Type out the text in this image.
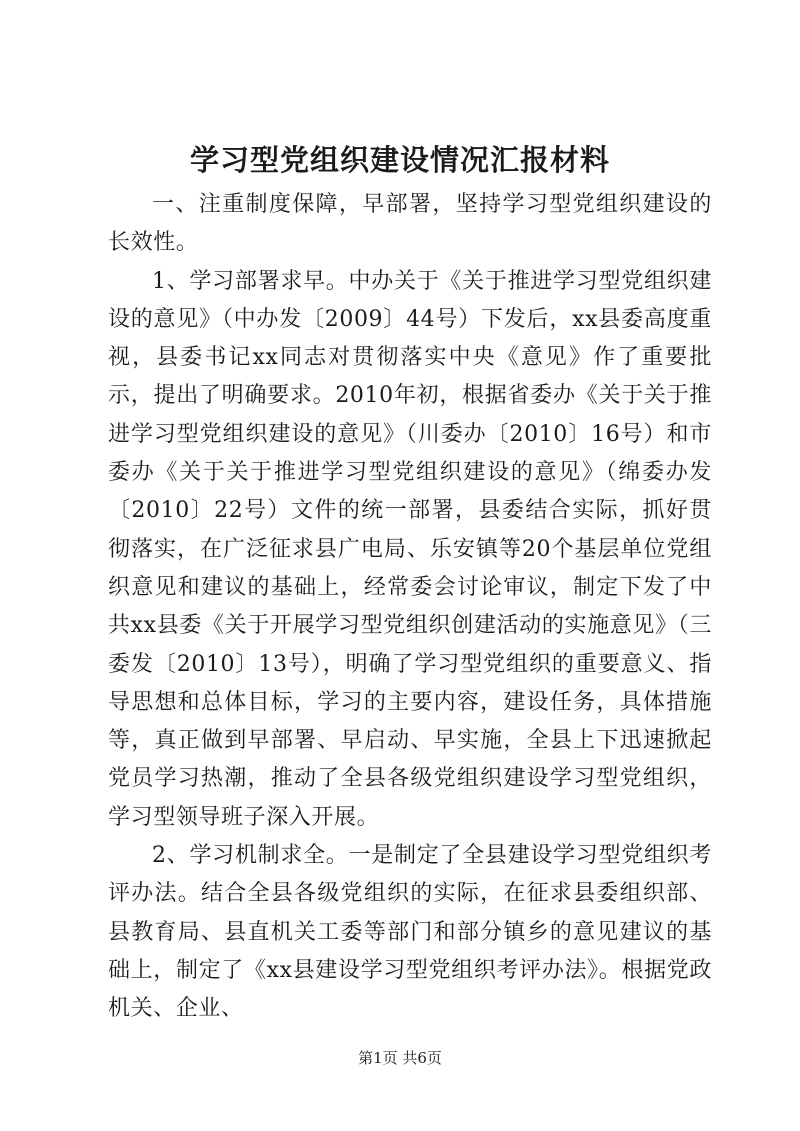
学习型党组织建设情况汇报材料

一、注重制度保障，早部署，坚持学习型党组织建设的长效性。

1、学习部署求早。中办关于《关于推进学习型党组织建设的意见》（中办发〔2009〕44号）下发后，xx县委高度重视，县委书记xx同志对贯彻落实中央《意见》作了重要批示，提出了明确要求。2010年初，根据省委办《关于关于推进学习型党组织建设的意见》（川委办〔2010〕16号）和市委办《关于关于推进学习型党组织建设的意见》（绵委办发〔2010〕22号）文件的统一部署，县委结合实际，抓好贯彻落实，在广泛征求县广电局、乐安镇等20个基层单位党组织意见和建议的基础上，经常委会讨论审议，制定下发了中共xx县委《关于开展学习型党组织创建活动的实施意见》（三委发〔2010〕13号），明确了学习型党组织的重要意义、指导思想和总体目标，学习的主要内容，建设任务，具体措施等，真正做到早部署、早启动、早实施，全县上下迅速掀起党员学习热潮，推动了全县各级党组织建设学习型党组织，学习型领导班子深入开展。

2、学习机制求全。一是制定了全县建设学习型党组织考评办法。结合全县各级党组织的实际，在征求县委组织部、县教育局、县直机关工委等部门和部分镇乡的意见建议的基础上，制定了《xx县建设学习型党组织考评办法》。根据党政机关、企业、

第1页 共6页
